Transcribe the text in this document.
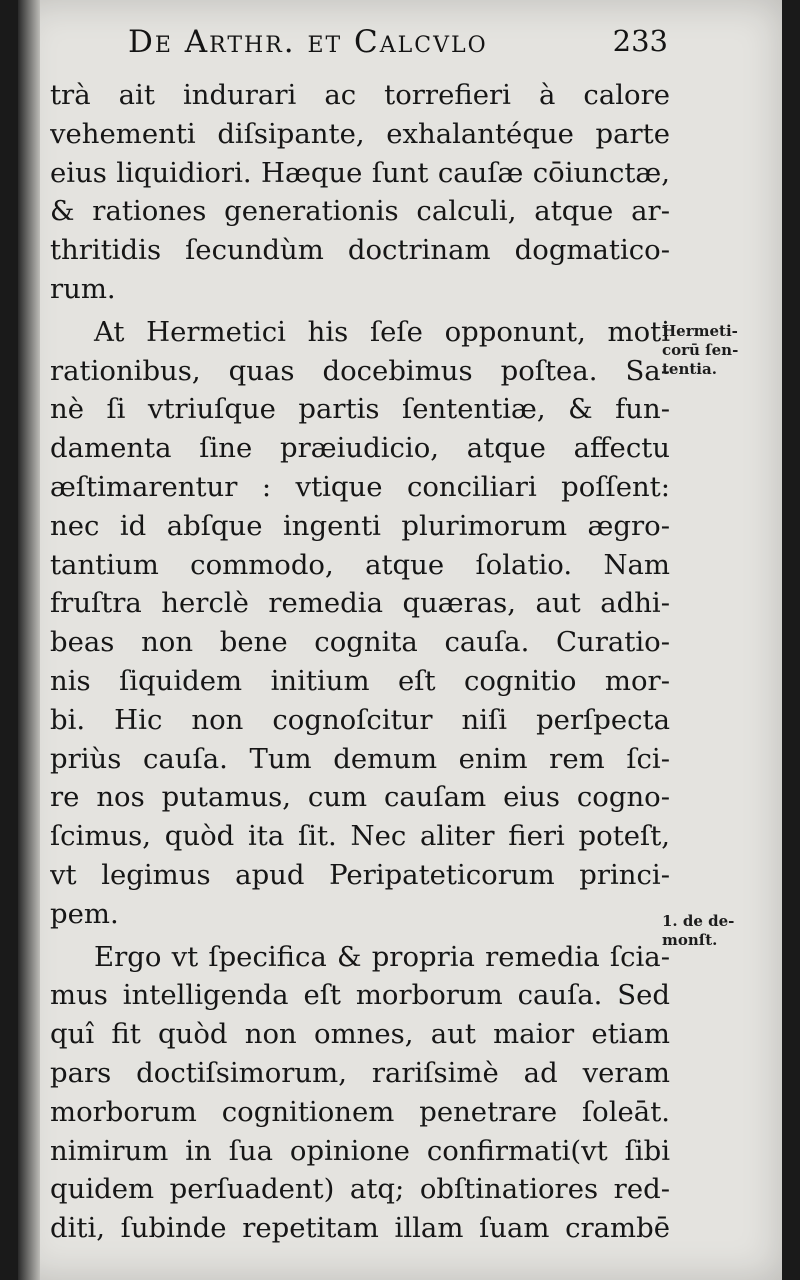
De Arthr. et Calcvlo	233
trà ait indurari ac torrefieri à calore
vehementi diſsipante, exhalantéque parte
eius liquidiori. Hæque ſunt cauſæ cōiunctæ,
& rationes generationis calculi, atque ar-
thritidis ſecundùm doctrinam dogmatico-
rum.
At Hermetici his ſeſe opponunt, moti
rationibus, quas docebimus poſtea. Sa-
nè ſi vtriuſque partis ſententiæ, & fun-
damenta ſine præiudicio, atque affectu
æſtimarentur : vtique conciliari poſſent:
nec id abſque ingenti plurimorum ægro-
tantium commodo, atque ſolatio. Nam
fruſtra herclè remedia quæras, aut adhi-
beas non bene cognita cauſa. Curatio-
nis ſiquidem initium eſt cognitio mor-
bi. Hic non cognoſcitur niſi perſpecta
priùs cauſa. Tum demum enim rem ſci-
re nos putamus, cum cauſam eius cogno-
ſcimus, quòd ita ſit. Nec aliter fieri poteſt,
vt legimus apud Peripateticorum princi-
pem.
Ergo vt ſpecifica & propria remedia ſcia-
mus intelligenda eſt morborum cauſa. Sed
quî fit quòd non omnes, aut maior etiam
pars doctiſsimorum, rariſsimè ad veram
morborum cognitionem penetrare ſoleāt.
nimirum in ſua opinione confirmati(vt ſibi
quidem perſuadent) atq; obſtinatiores red-
diti, ſubinde repetitam illam ſuam crambē
Hermeti-
corū ſen-
tentia.
1. de de-
monſt.
